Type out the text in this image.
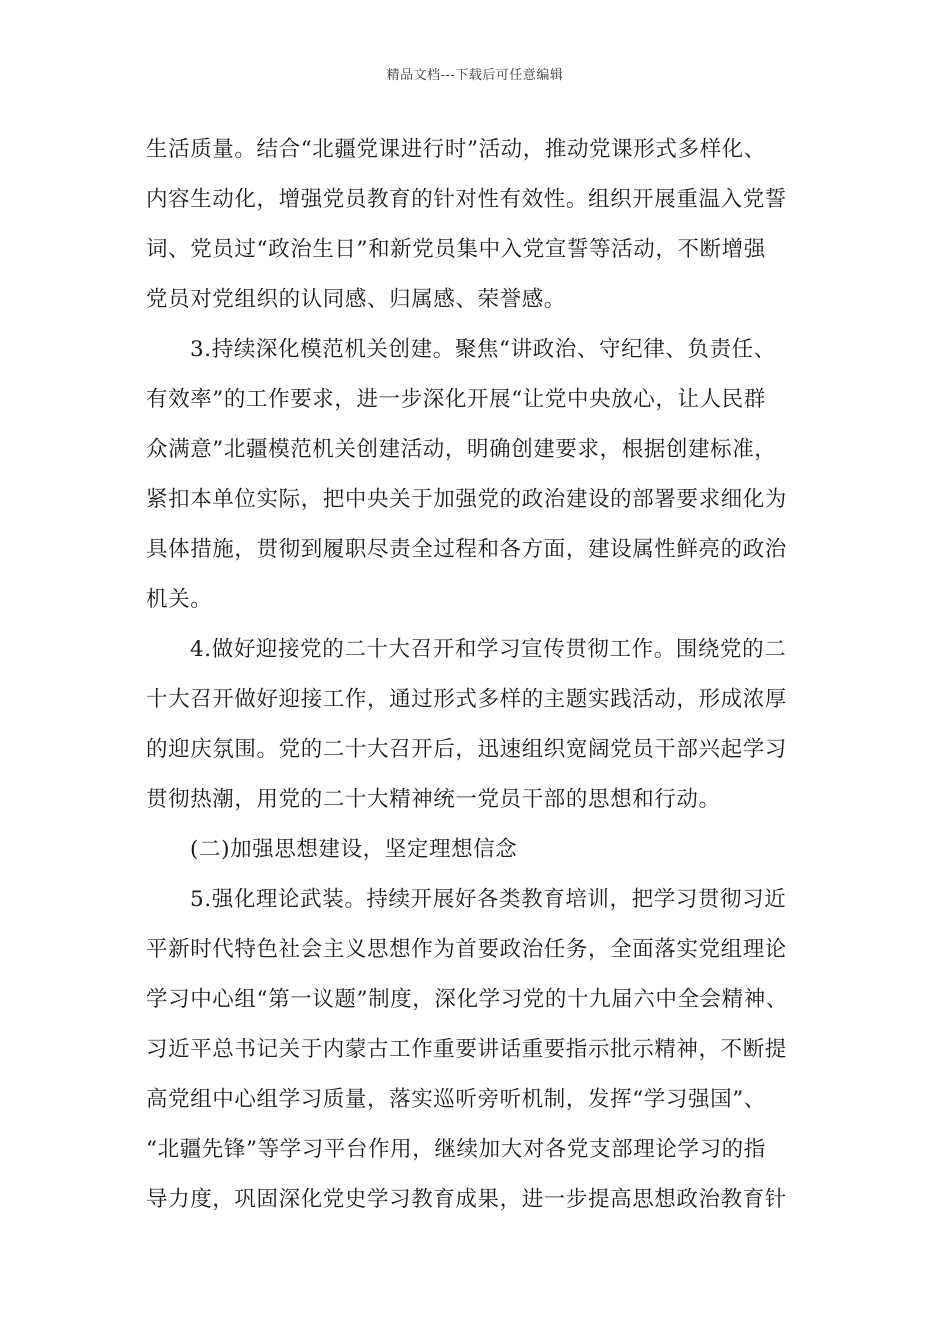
精品文档---下载后可任意编辑
生活质量。结合“北疆党课进行时”活动，推动党课形式多样化、
内容生动化，增强党员教育的针对性有效性。组织开展重温入党誓
词、党员过“政治生日”和新党员集中入党宣誓等活动，不断增强
党员对党组织的认同感、归属感、荣誉感。
3.持续深化模范机关创建。聚焦“讲政治、守纪律、负责任、
有效率”的工作要求，进一步深化开展“让党中央放心，让人民群
众满意”北疆模范机关创建活动，明确创建要求，根据创建标准，
紧扣本单位实际，把中央关于加强党的政治建设的部署要求细化为
具体措施，贯彻到履职尽责全过程和各方面，建设属性鲜亮的政治
机关。
4.做好迎接党的二十大召开和学习宣传贯彻工作。围绕党的二
十大召开做好迎接工作，通过形式多样的主题实践活动，形成浓厚
的迎庆氛围。党的二十大召开后，迅速组织宽阔党员干部兴起学习
贯彻热潮，用党的二十大精神统一党员干部的思想和行动。
(二)加强思想建设，坚定理想信念
5.强化理论武装。持续开展好各类教育培训，把学习贯彻习近
平新时代特色社会主义思想作为首要政治任务，全面落实党组理论
学习中心组“第一议题”制度，深化学习党的十九届六中全会精神、
习近平总书记关于内蒙古工作重要讲话重要指示批示精神，不断提
高党组中心组学习质量，落实巡听旁听机制，发挥“学习强国”、
“北疆先锋”等学习平台作用，继续加大对各党支部理论学习的指
导力度，巩固深化党史学习教育成果，进一步提高思想政治教育针
